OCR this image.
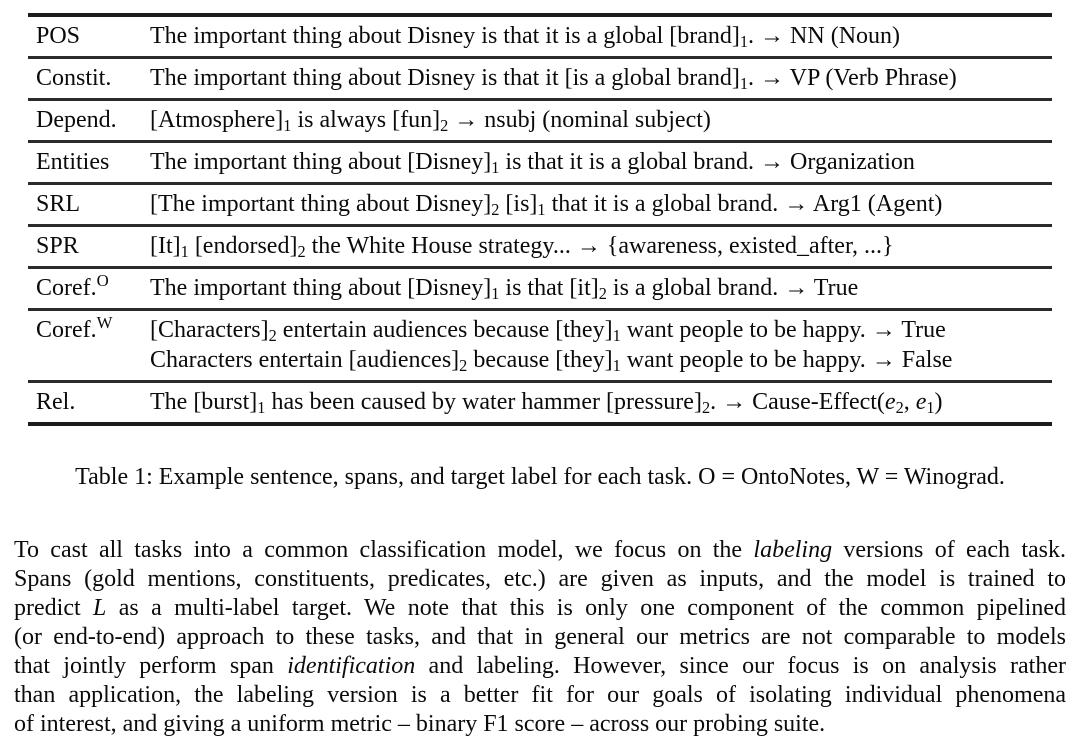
POS	The important thing about Disney is that it is a global $[brand]_1$. → NN (Noun)
Constit.	The important thing about Disney is that it [is a global $brand]_1$. → VP (Verb Phrase)
Depend.	$[Atmosphere]_1$ is always $[fun]_2$ → nsubj (nominal subject)
Entities	The important thing about $[Disney]_1$ is that it is a global brand. → Organization
SRL	[The important thing about $Disney]_2$ $[is]_1$ that it is a global brand. → Arg1 (Agent)
SPR	$[It]_1$ $[endorsed]_2$ the White House strategy... → {awareness, existed_after, ...}
Coref.$^O$	The important thing about $[Disney]_1$ is that $[it]_2$ is a global brand. → True
Coref.$^W$	$[Characters]_2$ entertain audiences because $[they]_1$ want people to be happy. → True
Characters entertain $[audiences]_2$ because $[they]_1$ want people to be happy. → False
Rel.	The $[burst]_1$ has been caused by water hammer $[pressure]_2$. → Cause-$Effect(e_2$, $e_1$)
Table 1: Example sentence, spans, and target label for each task. O = OntoNotes, W = Winograd.
To cast all tasks into a common classification model, we focus on the labeling versions of each task.
Spans (gold mentions, constituents, predicates, etc.) are given as inputs, and the model is trained to
predict L as a multi-label target. We note that this is only one component of the common pipelined
(or end-to-end) approach to these tasks, and that in general our metrics are not comparable to models
that jointly perform span identification and labeling. However, since our focus is on analysis rather
than application, the labeling version is a better fit for our goals of isolating individual phenomena
of interest, and giving a uniform metric – binary F1 score – across our probing suite.
